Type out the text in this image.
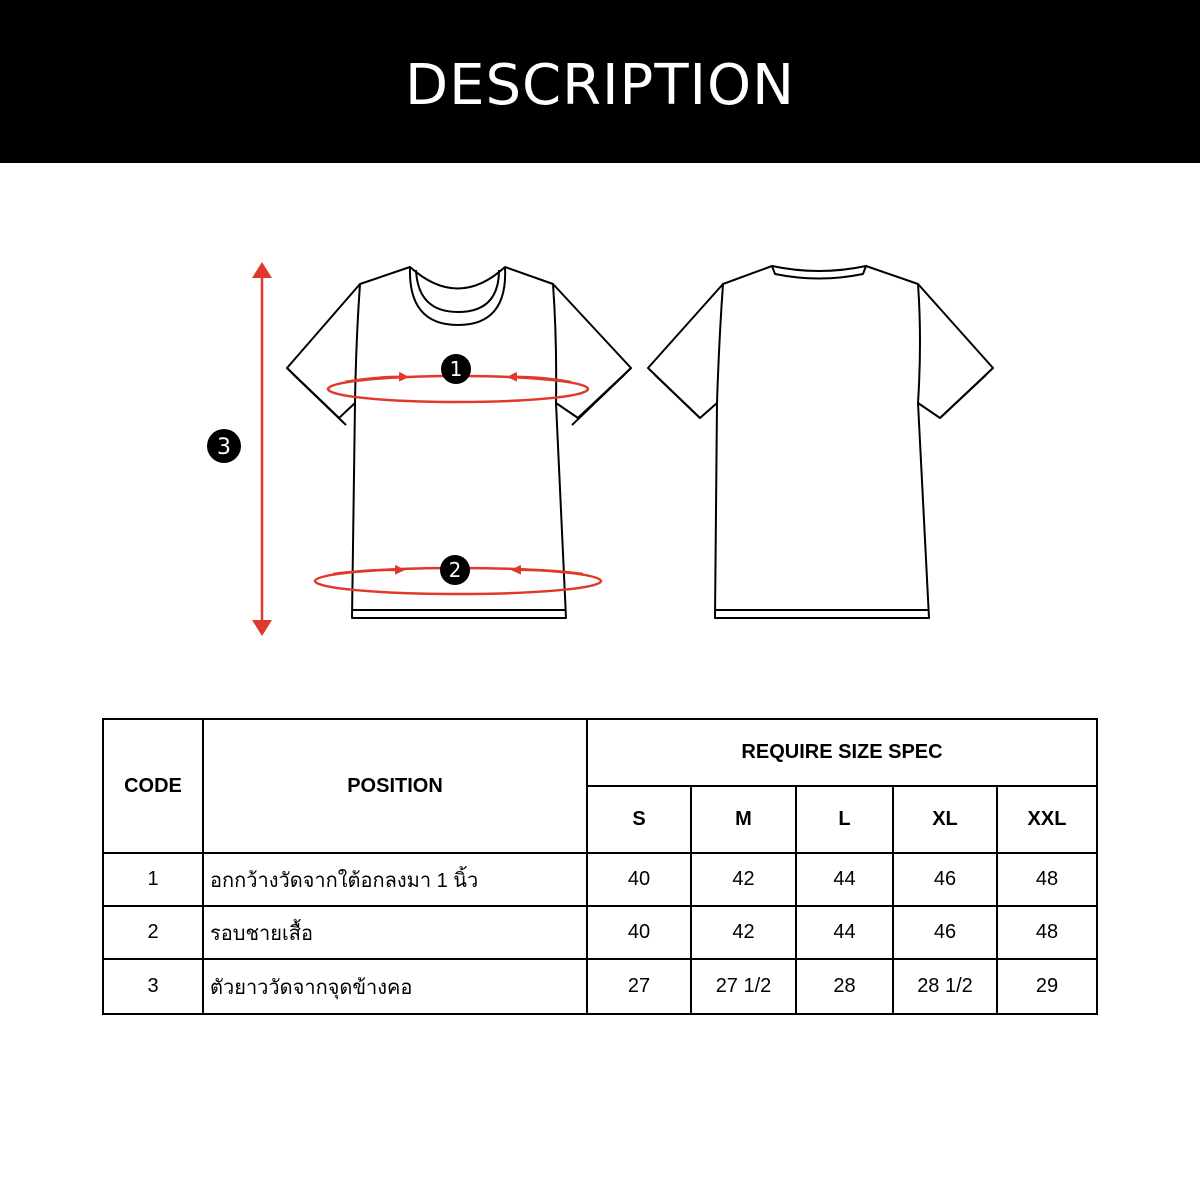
DESCRIPTION
1
2
3
CODE	POSITION	REQUIRE SIZE SPEC				
		S	M	L	XL	XXL
1	อกกว้างวัดจากใต้อกลงมา 1 นิ้ว	40	42	44	46	48
2	รอบชายเสื้อ	40	42	44	46	48
3	ตัวยาววัดจากจุดข้างคอ	27	27 1/2	28	28 1/2	29
